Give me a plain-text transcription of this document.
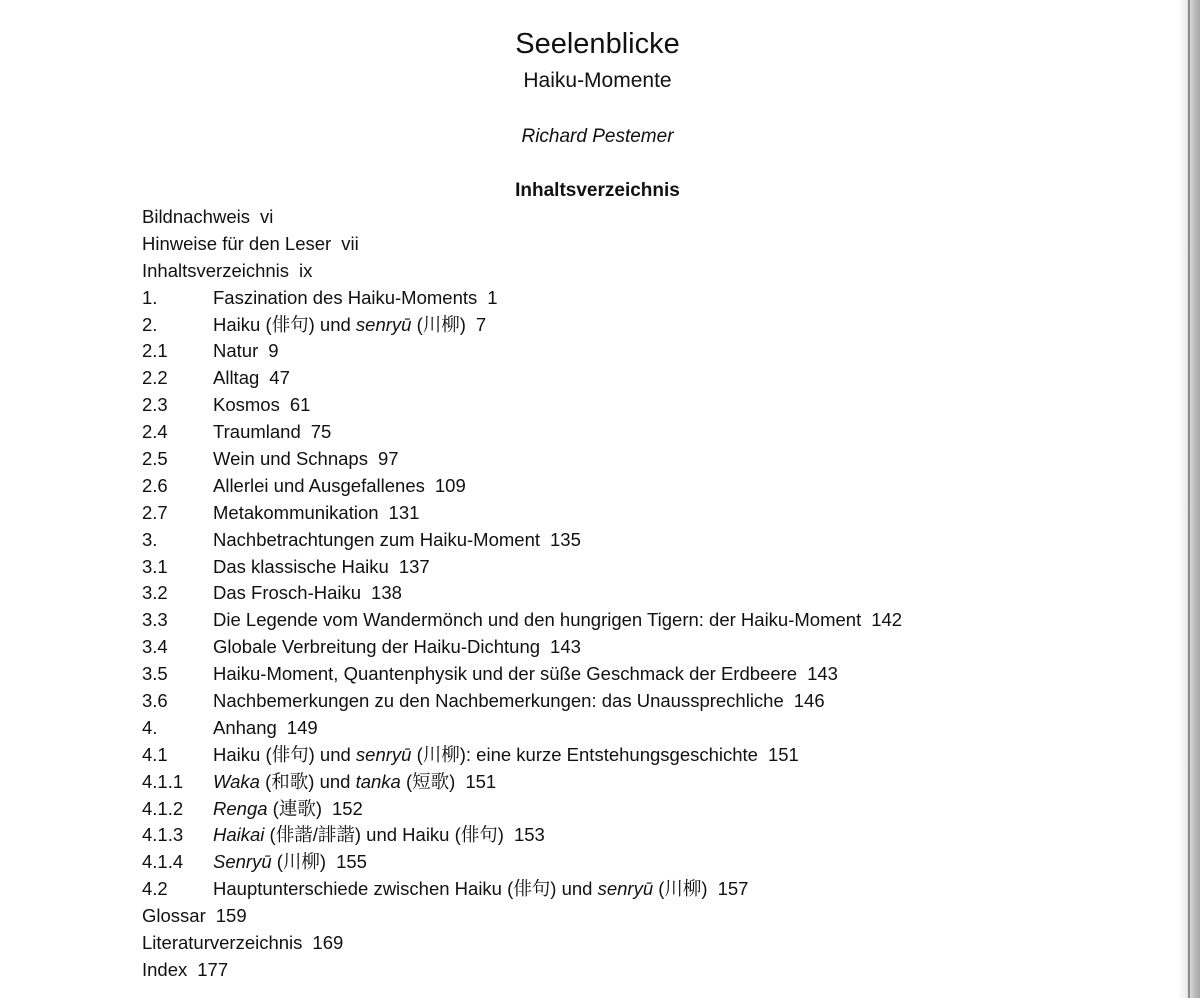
Seelenblicke
Haiku-Momente
Richard Pestemer
Inhaltsverzeichnis
Bildnachweis vi
Hinweise für den Leser vii
Inhaltsverzeichnis ix
1.	Faszination des Haiku-Moments 1
2.	Haiku (俳句) und senryū (川柳) 7
2.1 Natur 9
2.2 Alltag 47
2.3 Kosmos 61
2.4 Traumland 75
2.5 Wein und Schnaps 97
2.6 Allerlei und Ausgefallenes 109
2.7 Metakommunikation 131
3.	Nachbetrachtungen zum Haiku-Moment 135
3.1 Das klassische Haiku 137
3.2 Das Frosch-Haiku 138
3.3 Die Legende vom Wandermönch und den hungrigen Tigern: der Haiku-Moment 142
3.4 Globale Verbreitung der Haiku-Dichtung 143
3.5 Haiku-Moment, Quantenphysik und der süße Geschmack der Erdbeere 143
3.6 Nachbemerkungen zu den Nachbemerkungen: das Unaussprechliche 146
4.	Anhang 149
4.1 Haiku (俳句) und senryū (川柳): eine kurze Entstehungsgeschichte 151
4.1.1 Waka (和歌) und tanka (短歌) 151
4.1.2 Renga (連歌) 152
4.1.3 Haikai (俳諧/誹諧) und Haiku (俳句) 153
4.1.4 Senryū (川柳) 155
4.2 Hauptunterschiede zwischen Haiku (俳句) und senryū (川柳) 157
Glossar 159
Literaturverzeichnis 169
Index 177
